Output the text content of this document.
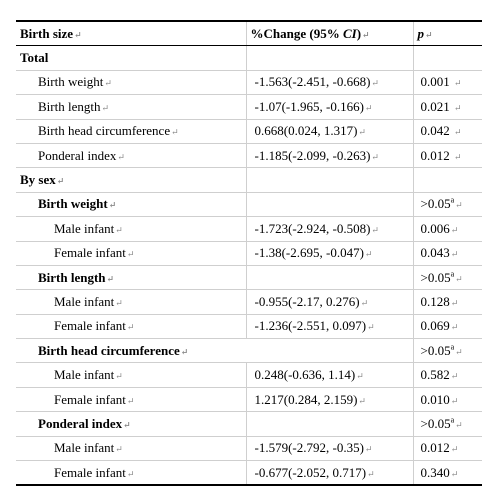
Birth size↵	%Change (95% CI)↵	p↵
Total		
Birth weight↵	-1.563(-2.451, -0.668)↵	0.001 ↵
Birth length↵	-1.07(-1.965, -0.166)↵	0.021 ↵
Birth head circumference↵	0.668(0.024, 1.317)↵	0.042 ↵
Ponderal index↵	-1.185(-2.099, -0.263)↵	0.012 ↵
By sex↵		
Birth weight↵		>0.05$^a$↵
Male infant↵	-1.723(-2.924, -0.508)↵	0.006↵
Female infant↵	-1.38(-2.695, -0.047)↵	0.043↵
Birth length↵		>0.05$^a$↵
Male infant↵	-0.955(-2.17, 0.276)↵	0.128↵
Female infant↵	-1.236(-2.551, 0.097)↵	0.069↵
Birth head circumference↵		>0.05$^a$↵
Male infant↵	0.248(-0.636, 1.14)↵	0.582↵
Female infant↵	1.217(0.284, 2.159)↵	0.010↵
Ponderal index↵		>0.05$^a$↵
Male infant↵	-1.579(-2.792, -0.35)↵	0.012↵
Female infant↵	-0.677(-2.052, 0.717)↵	0.340↵
